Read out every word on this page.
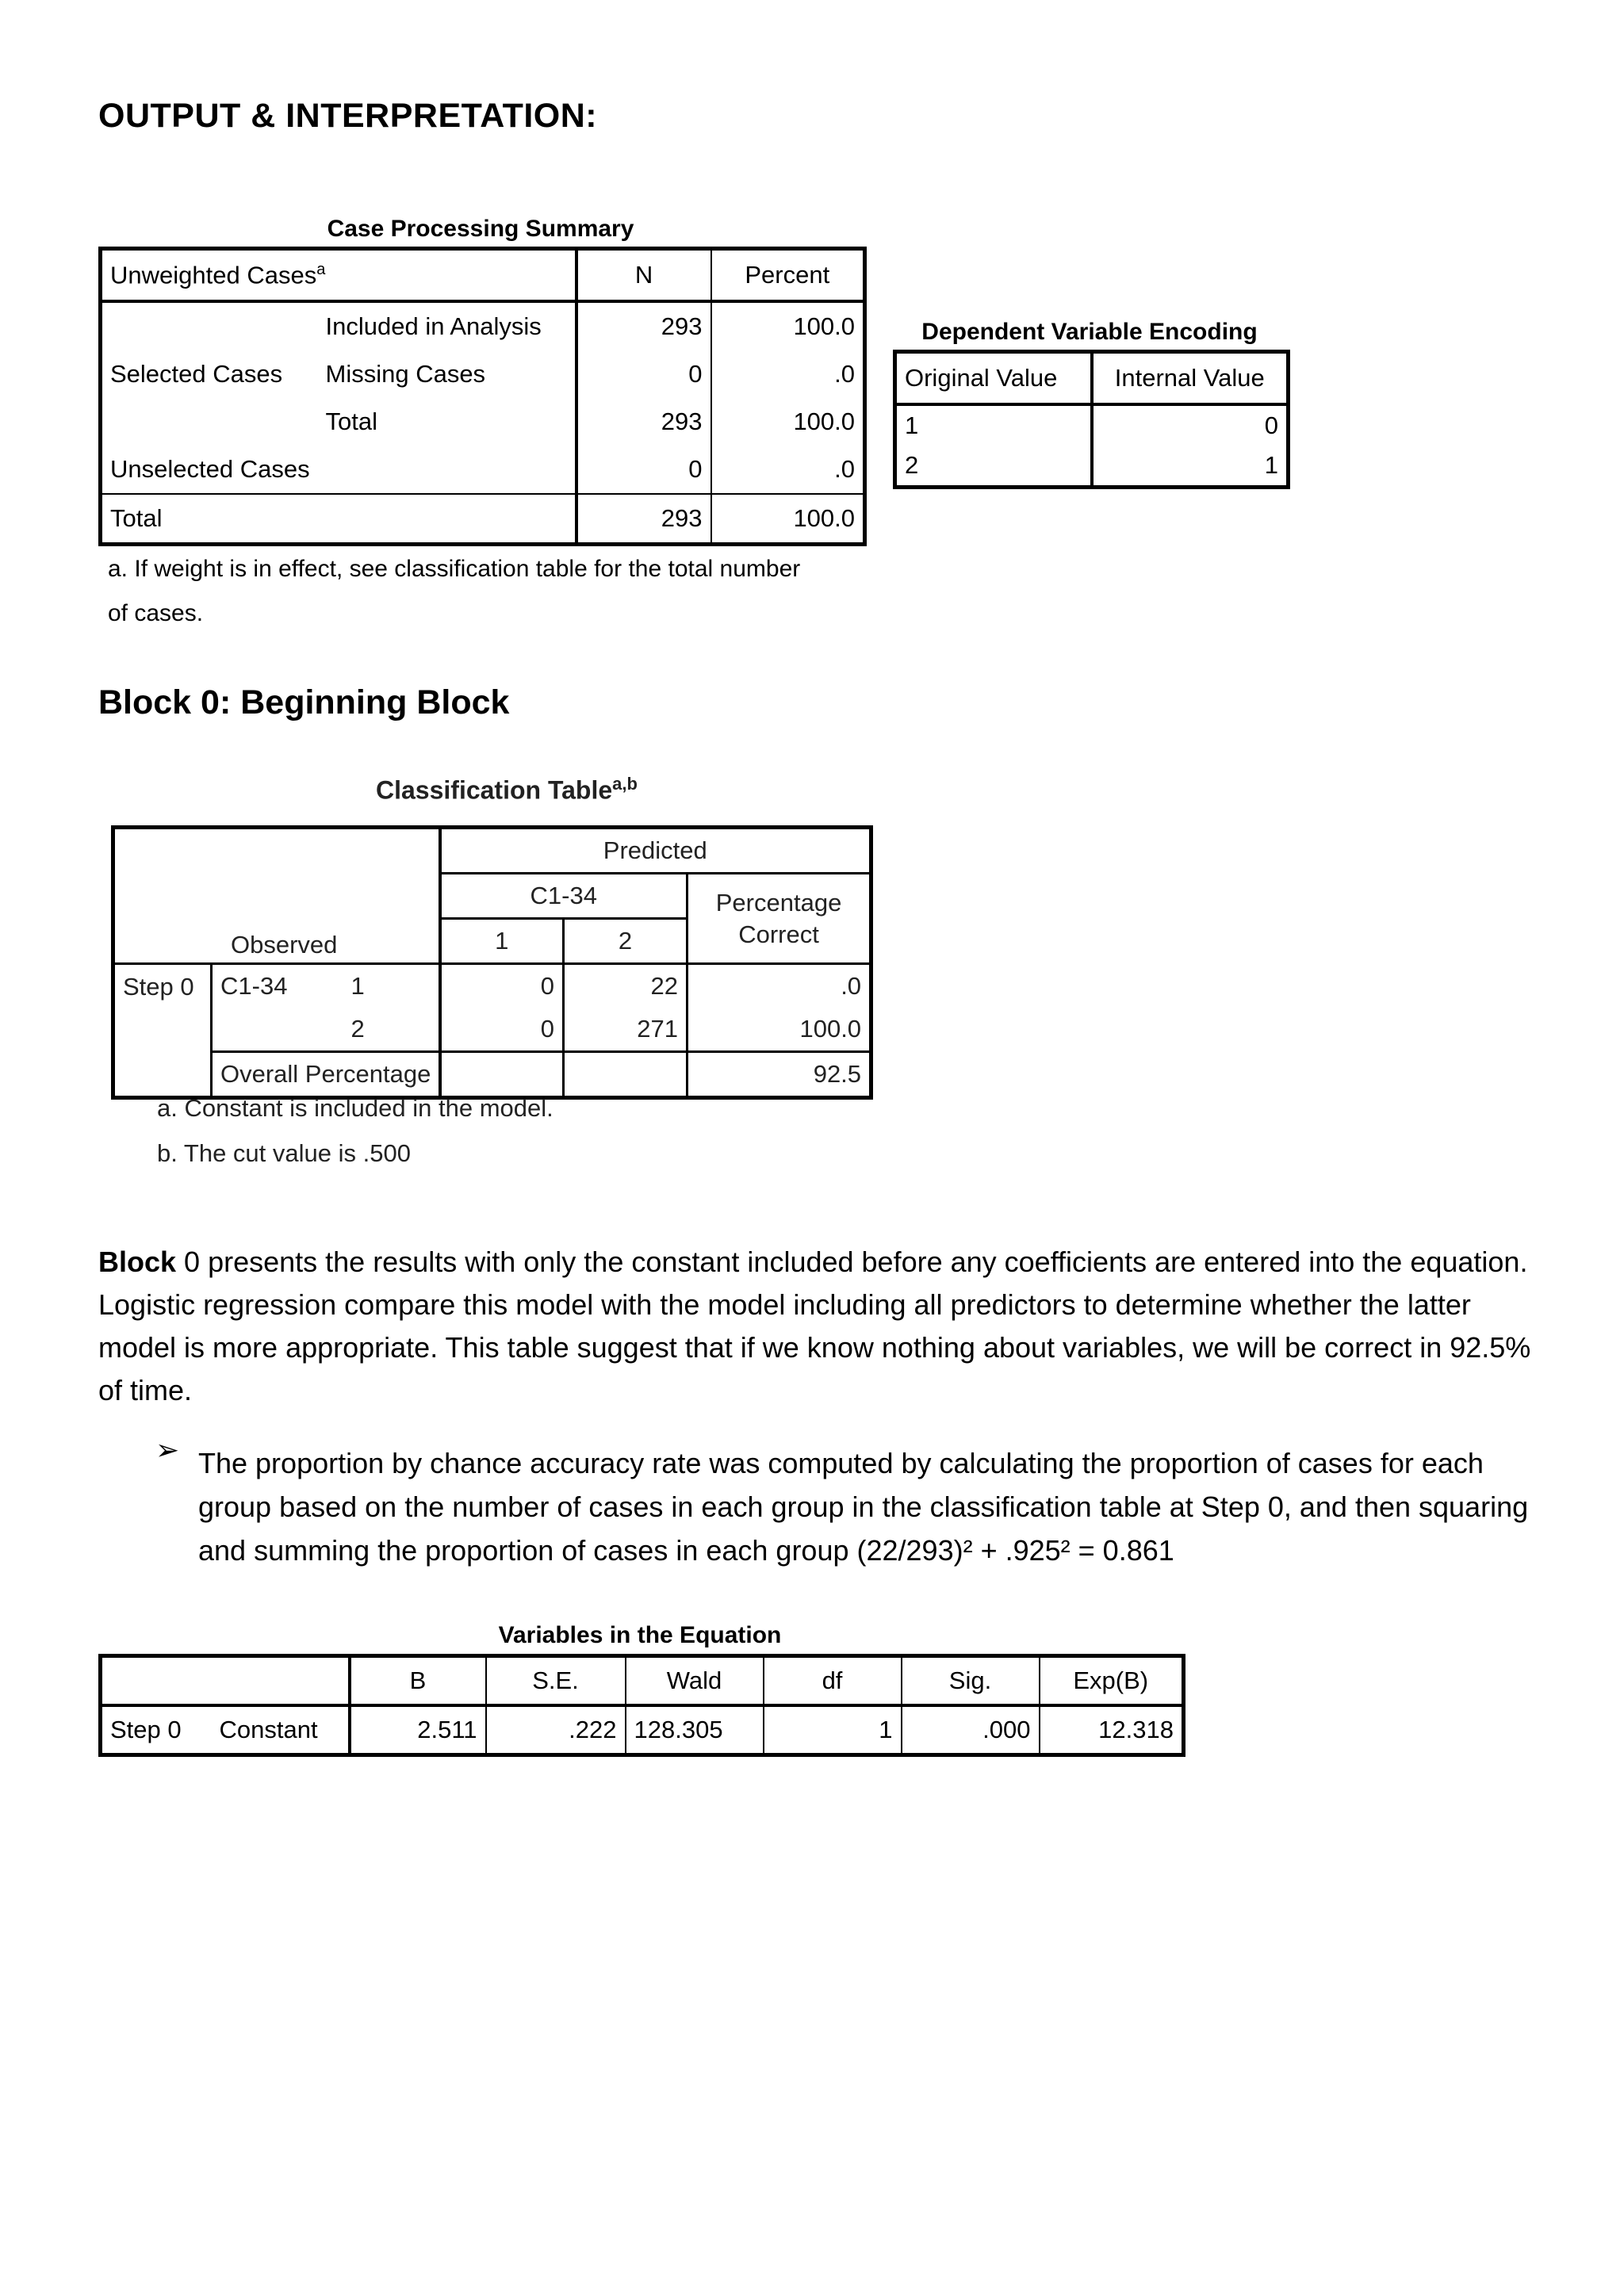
OUTPUT & INTERPRETATION:
Case Processing Summary
Unweighted Cases$^a$		N	Percent
	Included in Analysis	293	100.0
Selected Cases	Missing Cases	0	.0
	Total	293	100.0
Unselected Cases		0	.0
Total		293	100.0
a. If weight is in effect, see classification table for the total number
of cases.
Dependent Variable Encoding
Original Value	Internal Value
1	0
2	1
Block 0: Beginning Block
Classification Table$^{a,b}$
Observed			Predicted		
			C1-34		Percentage
Correct

			1	2	
Step 0	C1-34	1	0	22	.0
		2	0	271	100.0
	Overall Percentage				92.5
a. Constant is included in the model.
b. The cut value is .500
Block 0 presents the results with only the constant included before any coefficients are entered into the equation. Logistic regression compare this model with the model including all predictors to determine whether the latter model is more appropriate. This table suggest that if we know nothing about variables, we will be correct in 92.5% of time.
➢ The proportion by chance accuracy rate was computed by calculating the proportion of cases for each group based on the number of cases in each group in the classification table at Step 0, and then squaring and summing the proportion of cases in each group (22/293)² + .925² = 0.861
Variables in the Equation
		B	S.E.	Wald	df	Sig.	Exp(B)
Step 0	Constant	2.511	.222	128.305	1	.000	12.318
